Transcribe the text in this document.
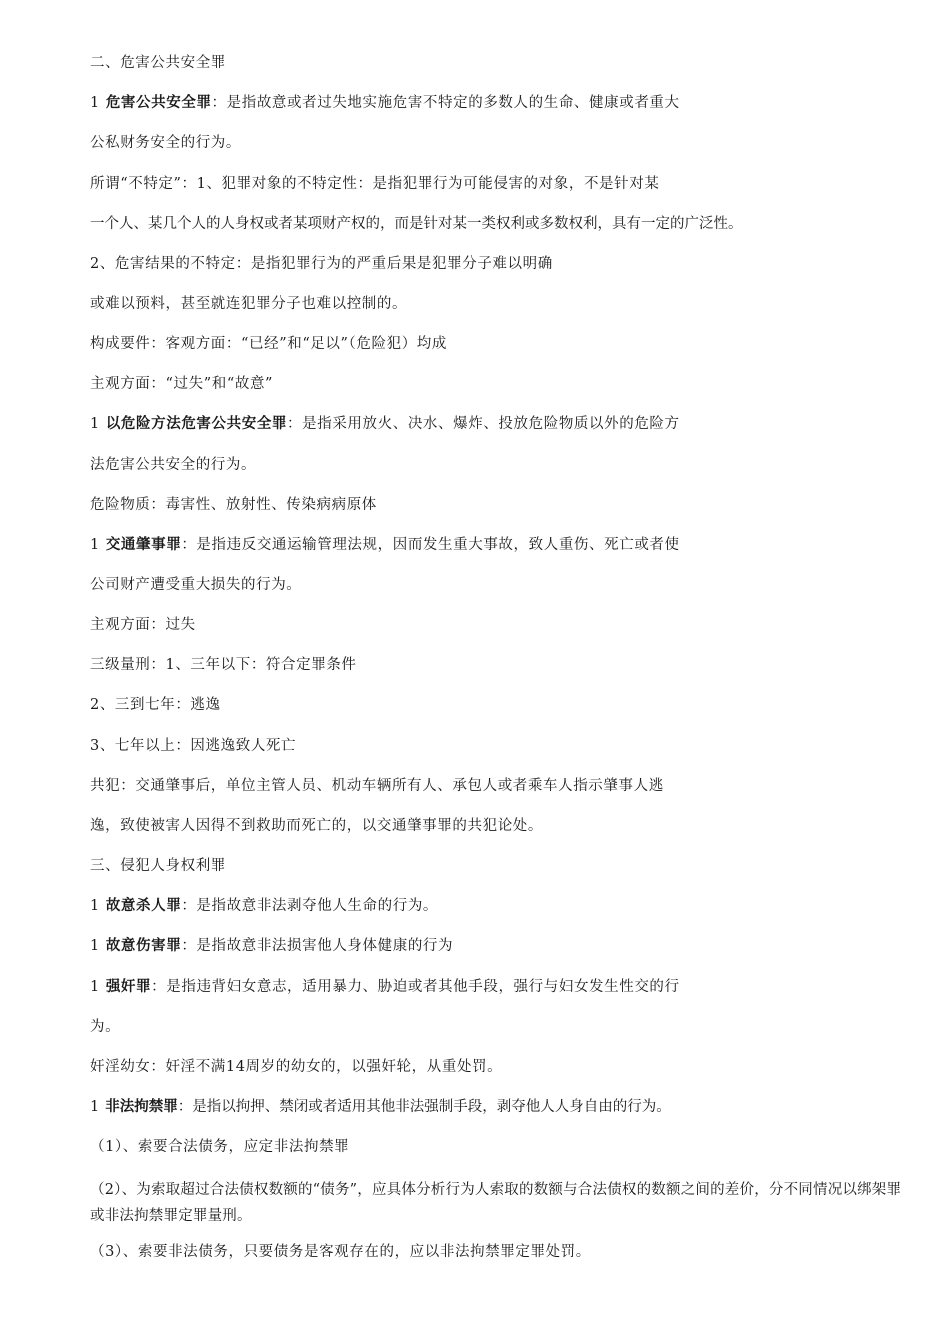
二、危害公共安全罪
1 危害公共安全罪：是指故意或者过失地实施危害不特定的多数人的生命、健康或者重大
公私财务安全的行为。
所谓“不特定”：1、犯罪对象的不特定性：是指犯罪行为可能侵害的对象，不是针对某
一个人、某几个人的人身权或者某项财产权的，而是针对某一类权利或多数权利，具有一定的广泛性。
2、危害结果的不特定：是指犯罪行为的严重后果是犯罪分子难以明确
或难以预料，甚至就连犯罪分子也难以控制的。
构成要件：客观方面：“已经”和“足以”（危险犯）均成
主观方面：“过失”和“故意”
1 以危险方法危害公共安全罪：是指采用放火、决水、爆炸、投放危险物质以外的危险方
法危害公共安全的行为。
危险物质：毒害性、放射性、传染病病原体
1 交通肇事罪：是指违反交通运输管理法规，因而发生重大事故，致人重伤、死亡或者使
公司财产遭受重大损失的行为。
主观方面：过失
三级量刑：1、三年以下：符合定罪条件
2、三到七年：逃逸
3、七年以上：因逃逸致人死亡
共犯：交通肇事后，单位主管人员、机动车辆所有人、承包人或者乘车人指示肇事人逃
逸，致使被害人因得不到救助而死亡的，以交通肇事罪的共犯论处。
三、侵犯人身权利罪
1 故意杀人罪：是指故意非法剥夺他人生命的行为。
1 故意伤害罪：是指故意非法损害他人身体健康的行为
1 强奸罪：是指违背妇女意志，适用暴力、胁迫或者其他手段，强行与妇女发生性交的行
为。
奸淫幼女：奸淫不满14周岁的幼女的，以强奸轮，从重处罚。
1 非法拘禁罪：是指以拘押、禁闭或者适用其他非法强制手段，剥夺他人人身自由的行为。
（1）、索要合法债务，应定非法拘禁罪
（2）、为索取超过合法债权数额的“债务”，应具体分析行为人索取的数额与合法债权的数额之间的差价，分不同情况以绑架罪或非法拘禁罪定罪量刑。
（3）、索要非法债务，只要债务是客观存在的，应以非法拘禁罪定罪处罚。
